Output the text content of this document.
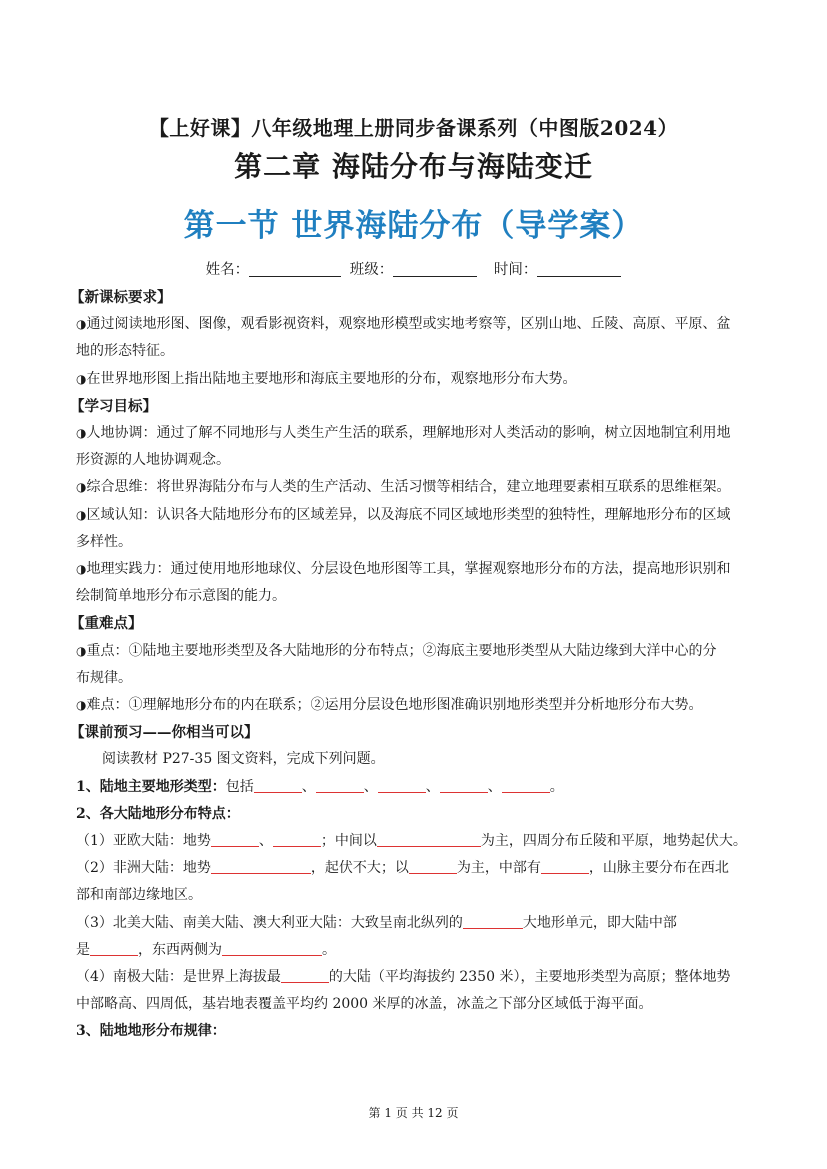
【上好课】八年级地理上册同步备课系列（中图版2024）
第二章 海陆分布与海陆变迁
第一节 世界海陆分布（导学案）
姓名：	班级：	时间：

【新课标要求】

◑通过阅读地形图、图像，观看影视资料，观察地形模型或实地考察等，区别山地、丘陵、高原、平原、盆

地的形态特征。

◑在世界地形图上指出陆地主要地形和海底主要地形的分布，观察地形分布大势。

【学习目标】

◑人地协调：通过了解不同地形与人类生产生活的联系，理解地形对人类活动的影响，树立因地制宜利用地

形资源的人地协调观念。

◑综合思维：将世界海陆分布与人类的生产活动、生活习惯等相结合，建立地理要素相互联系的思维框架。

◑区域认知：认识各大陆地形分布的区域差异，以及海底不同区域地形类型的独特性，理解地形分布的区域

多样性。

◑地理实践力：通过使用地形地球仪、分层设色地形图等工具，掌握观察地形分布的方法，提高地形识别和

绘制简单地形分布示意图的能力。

【重难点】

◑重点：①陆地主要地形类型及各大陆地形的分布特点；②海底主要地形类型从大陆边缘到大洋中心的分

布规律。

◑难点：①理解地形分布的内在联系；②运用分层设色地形图准确识别地形类型并分析地形分布大势。

【课前预习——你相当可以】

阅读教材 P27-35 图文资料，完成下列问题。

1、陆地主要地形类型：包括	、	、	、	、	。

2、各大陆地形分布特点：

（1）亚欧大陆：地势	、	；中间以	为主，四周分布丘陵和平原，地势起伏大。

（2）非洲大陆：地势	，起伏不大；以	为主，中部有	，山脉主要分布在西北

部和南部边缘地区。

（3）北美大陆、南美大陆、澳大利亚大陆：大致呈南北纵列的	大地形单元，即大陆中部

是	，东西两侧为	。

（4）南极大陆：是世界上海拔最	的大陆（平均海拔约 2350 米），主要地形类型为高原；整体地势

中部略高、四周低，基岩地表覆盖平均约 2000 米厚的冰盖，冰盖之下部分区域低于海平面。

3、陆地地形分布规律：

第 1 页 共 12 页
